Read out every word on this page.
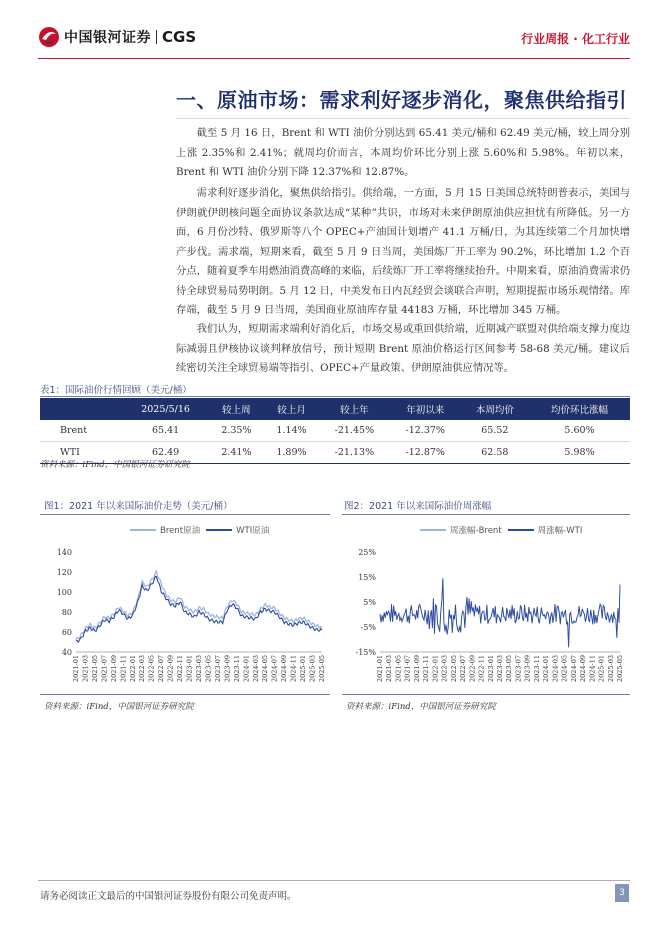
中国银河证券 CGS	行业周报 · 化工行业
一、原油市场：需求利好逐步消化，聚焦供给指引
截至 5 月 16 日，Brent 和 WTI 油价分别达到 65.41 美元/桶和 62.49 美元/桶，较上周分别上涨 2.35%和 2.41%；就周均价而言，本周均价环比分别上涨 5.60%和 5.98%。年初以来，Brent 和 WTI 油价分别下降 12.37%和 12.87%。
需求利好逐步消化，聚焦供给指引。供给端，一方面，5 月 15 日美国总统特朗普表示，美国与伊朗就伊朗核问题全面协议条款达成“某种”共识，市场对未来伊朗原油供应担忧有所降低。另一方面，6 月份沙特、俄罗斯等八个 OPEC+产油国计划增产 41.1 万桶/日，为其连续第二个月加快增产步伐。需求端，短期来看，截至 5 月 9 日当周，美国炼厂开工率为 90.2%，环比增加 1.2 个百分点，随着夏季车用燃油消费高峰的来临，后续炼厂开工率将继续抬升。中期来看，原油消费需求仍待全球贸易局势明朗。5 月 12 日，中美发布日内瓦经贸会谈联合声明，短期提振市场乐观情绪。库存端，截至 5 月 9 日当周，美国商业原油库存量 44183 万桶，环比增加 345 万桶。
我们认为，短期需求端利好消化后，市场交易或重回供给端，近期减产联盟对供给端支撑力度边际减弱且伊核协议谈判释放信号，预计短期 Brent 原油价格运行区间参考 58-68 美元/桶。建议后续密切关注全球贸易端等指引、OPEC+产量政策、伊朗原油供应情况等。
表1：国际油价行情回顾（美元/桶）
	2025/5/16	较上周	较上月	较上年	年初以来	本周均价	均价环比涨幅
Brent	65.41	2.35%	1.14%	-21.45%	-12.37%	65.52	5.60%
WTI	62.49	2.41%	1.89%	-21.13%	-12.87%	62.58	5.98%
资料来源：iFind，中国银河证券研究院
图1：2021 年以来国际油价走势（美元/桶）
Brent原油	WTI原油
140
120
100
80
60
40
2021-01 2021-03 2021-05 2021-07 2021-09 2021-11 2022-01 2022-03 2022-05 2022-07 2022-09 2022-11 2023-01 2023-03 2023-05 2023-07 2023-09 2023-11 2024-01 2024-03 2024-05 2024-07 2024-09 2024-11 2025-01 2025-03 2025-05
资料来源：iFind，中国银河证券研究院
图2：2021 年以来国际油价周涨幅
周涨幅-Brent	周涨幅-WTI
25%
15%
5%
-5%
-15%
2021-01 2021-03 2021-05 2021-07 2021-09 2021-11 2022-01 2022-03 2022-05 2022-07 2022-09 2022-11 2023-01 2023-03 2023-05 2023-07 2023-09 2023-11 2024-01 2024-03 2024-05 2024-07 2024-09 2024-11 2025-01 2025-03 2025-05
资料来源：iFind，中国银河证券研究院
请务必阅读正文最后的中国银河证券股份有限公司免责声明。	3
